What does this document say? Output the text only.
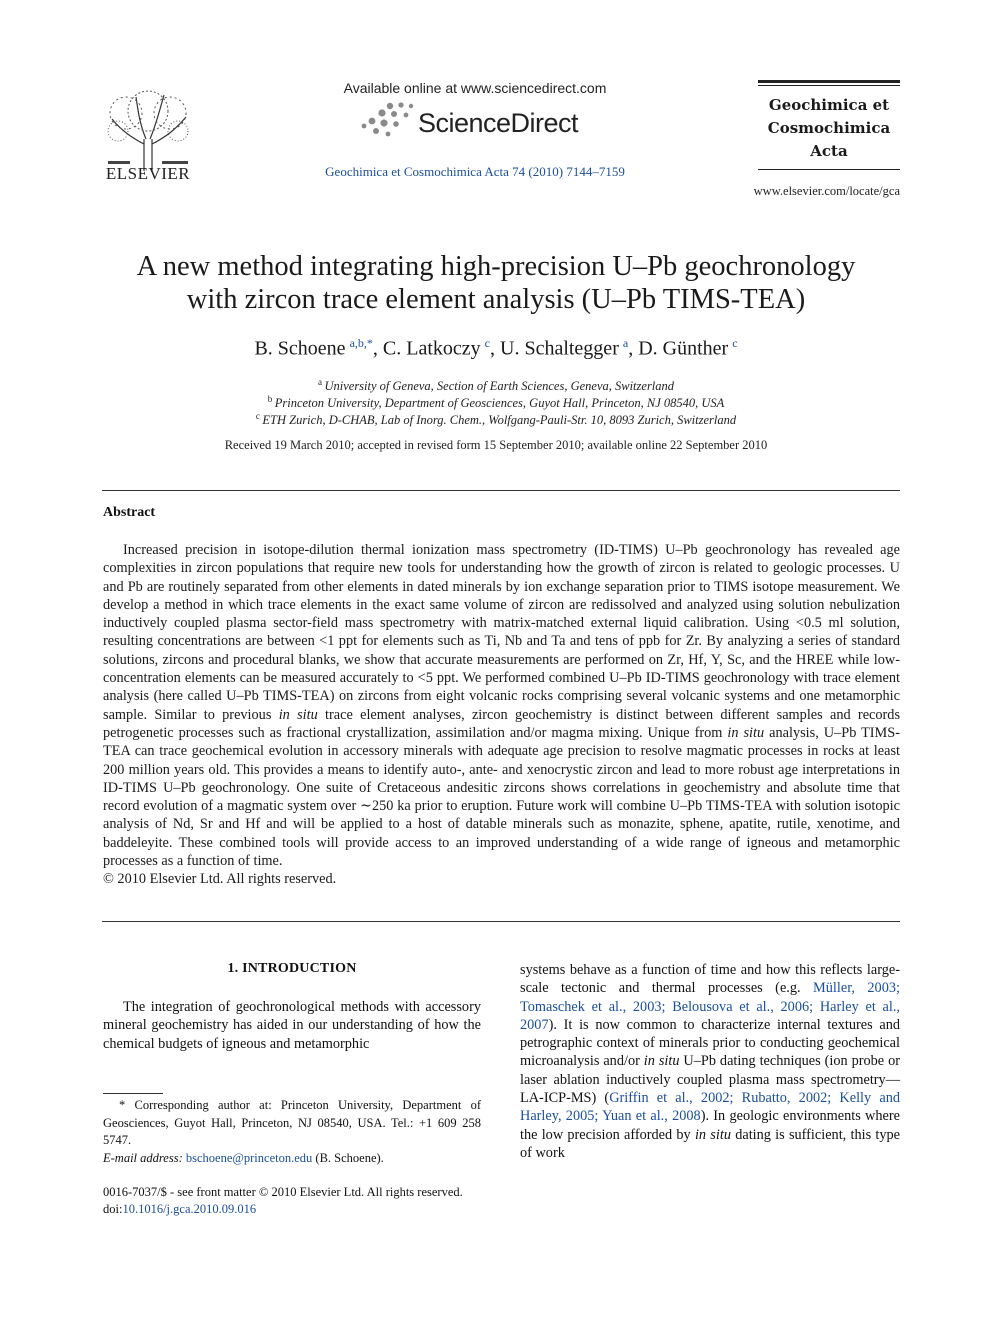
ELSEVIER
Available online at www.sciencedirect.com
ScienceDirect
Geochimica et Cosmochimica Acta 74 (2010) 7144–7159
Geochimica et
Cosmochimica
Acta
www.elsevier.com/locate/gca
A new method integrating high-precision U–Pb geochronology
with zircon trace element analysis (U–Pb TIMS-TEA)
B. Schoene  $^{a,b,*}$, C. Latkoczy  $^c$, U. Schaltegger  $^a$, D. Günther  $^c$
$^a$  University of Geneva, Section of Earth Sciences, Geneva, Switzerland
$^b$  Princeton University, Department of Geosciences, Guyot Hall, Princeton, NJ 08540, USA
$^c$  ETH Zurich, D-CHAB, Lab of Inorg. Chem., Wolfgang-Pauli-Str. 10, 8093 Zurich, Switzerland
Received 19 March 2010; accepted in revised form 15 September 2010; available online 22 September 2010
Abstract
Increased precision in isotope-dilution thermal ionization mass spectrometry (ID-TIMS) U–Pb geochronology has revealed age complexities in zircon populations that require new tools for understanding how the growth of zircon is related to geologic processes. U and Pb are routinely separated from other elements in dated minerals by ion exchange separation prior to TIMS isotope measurement. We develop a method in which trace elements in the exact same volume of zircon are redissolved and analyzed using solution nebulization inductively coupled plasma sector-field mass spectrometry with matrix-matched external liquid calibration. Using <0.5 ml solution, resulting concentrations are between <1 ppt for elements such as Ti, Nb and Ta and tens of ppb for Zr. By analyzing a series of standard solutions, zircons and procedural blanks, we show that accurate measurements are performed on Zr, Hf, Y, Sc, and the HREE while low-concentration elements can be measured accurately to <5 ppt. We performed combined U–Pb ID-TIMS geochronology with trace element analysis (here called U–Pb TIMS-TEA) on zircons from eight volcanic rocks comprising several volcanic systems and one metamorphic sample. Similar to previous in situ trace element analyses, zircon geochemistry is distinct between different samples and records petrogenetic processes such as fractional crystallization, assimilation and/or magma mixing. Unique from in situ analysis, U–Pb TIMS-TEA can trace geochemical evolution in accessory minerals with adequate age precision to resolve magmatic processes in rocks at least 200 million years old. This provides a means to identify auto-, ante- and xenocrystic zircon and lead to more robust age interpretations in ID-TIMS U–Pb geochronology. One suite of Cretaceous andesitic zircons shows correlations in geochemistry and absolute time that record evolution of a magmatic system over ∼250 ka prior to eruption. Future work will combine U–Pb TIMS-TEA with solution isotopic analysis of Nd, Sr and Hf and will be applied to a host of datable minerals such as monazite, sphene, apatite, rutile, xenotime, and baddeleyite. These combined tools will provide access to an improved understanding of a wide range of igneous and metamorphic processes as a function of time.
© 2010 Elsevier Ltd. All rights reserved.
1. INTRODUCTION
The integration of geochronological methods with accessory mineral geochemistry has aided in our understanding of how the chemical budgets of igneous and metamorphic
systems behave as a function of time and how this reflects large-scale tectonic and thermal processes (e.g. Müller, 2003; Tomaschek et al., 2003; Belousova et al., 2006; Harley et al., 2007). It is now common to characterize internal textures and petrographic context of minerals prior to conducting geochemical microanalysis and/or in situ U–Pb dating techniques (ion probe or laser ablation inductively coupled plasma mass spectrometry—LA-ICP-MS) (Griffin et al., 2002; Rubatto, 2002; Kelly and Harley, 2005; Yuan et al., 2008). In geologic environments where the low precision afforded by in situ dating is sufficient, this type of work
* Corresponding author at: Princeton University, Department of Geosciences, Guyot Hall, Princeton, NJ 08540, USA. Tel.: +1 609 258 5747.
E-mail address: bschoene@princeton.edu (B. Schoene).
0016-7037/$ - see front matter © 2010 Elsevier Ltd. All rights reserved.
doi:10.1016/j.gca.2010.09.016
